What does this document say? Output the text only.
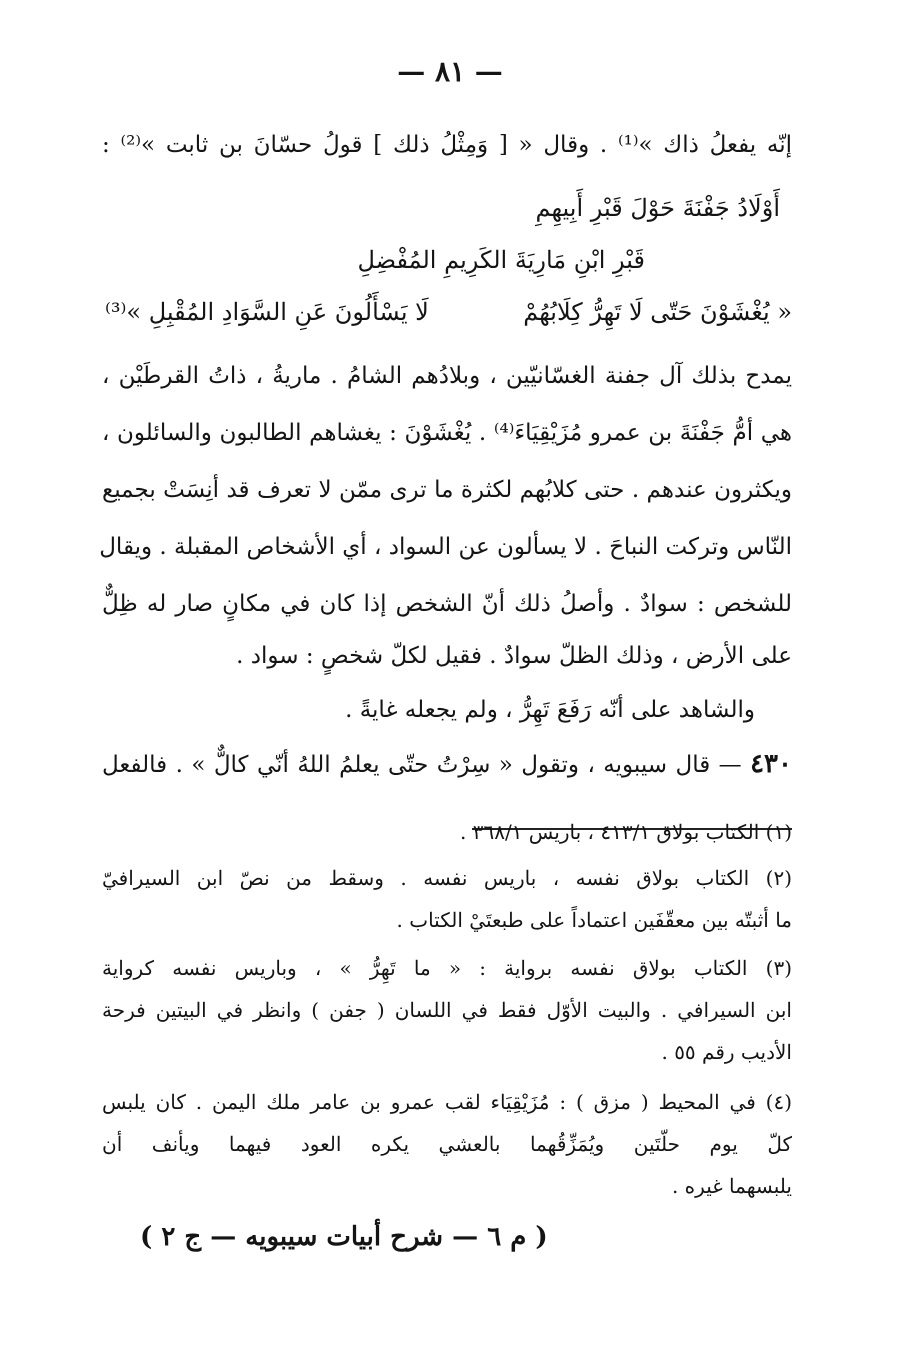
— ٨١ —
إنّه يفعلُ ذاك »⁽¹⁾ . وقال « [ وَمِثْلُ ذلك ] قولُ حسّانَ بن ثابت »⁽²⁾ :
أَوْلَادُ جَفْنَةَ حَوْلَ قَبْرِ أَبِيهِمِ
قَبْرِ ابْنِ مَارِيَةَ الكَرِيمِ المُفْضِلِ
« يُغْشَوْنَ حَتّى لَا تَهِرُّ كِلَابُهُمْ
لَا يَسْأَلُونَ عَنِ السَّوَادِ المُقْبِلِ »⁽³⁾
يمدح بذلك آل جفنة الغسّانيّين ، وبلادُهم الشامُ . ماريةُ ، ذاتُ القرطَيْن ،
هي أمُّ جَفْنَةَ بن عمرو مُزَيْقِيَاءَ⁽⁴⁾ . يُغْشَوْنَ : يغشاهم الطالبون والسائلون ،
ويكثرون عندهم . حتى كلابُهم لكثرة ما ترى ممّن لا تعرف قد أنِسَتْ بجميع
النّاس وتركت النباحَ . لا يسألون عن السواد ، أي الأشخاص المقبلة . ويقال
للشخص : سوادٌ . وأصلُ ذلك أنّ الشخص إذا كان في مكانٍ صار له ظِلٌّ
على الأرض ، وذلك الظلّ سوادٌ . فقيل لكلّ شخصٍ : سواد .
والشاهد على أنّه رَفَعَ تَهِرُّ ، ولم يجعله غايةً .
٤٣٠ — قال سيبويه ، وتقول « سِرْتُ حتّى يعلمُ اللهُ أنّي كالٌّ » . فالفعل
(١) الكتاب بولاق ٤١٣/١ ، باريس ٣٦٨/١ .
(٢) الكتاب بولاق نفسه ، باريس نفسه . وسقط من نصّ ابن السيرافيّ
ما أثبتّه بين معقّفَين اعتماداً على طبعتَيْ الكتاب .
(٣) الكتاب بولاق نفسه برواية : « ما تَهِرُّ » ، وباريس نفسه كرواية
ابن السيرافي . والبيت الأوّل فقط في اللسان ( جفن ) وانظر في البيتين فرحة
الأديب رقم ٥٥ .
(٤) في المحيط ( مزق ) : مُزَيْقِيَاء لقب عمرو بن عامر ملك اليمن . كان يلبس
كلّ يوم حلّتَين ويُمَزِّقُهما بالعشي يكره العود فيهما ويأنف أن
يلبسهما غيره .
( م ٦ — شرح أبيات سيبويه — ج ٢ )
